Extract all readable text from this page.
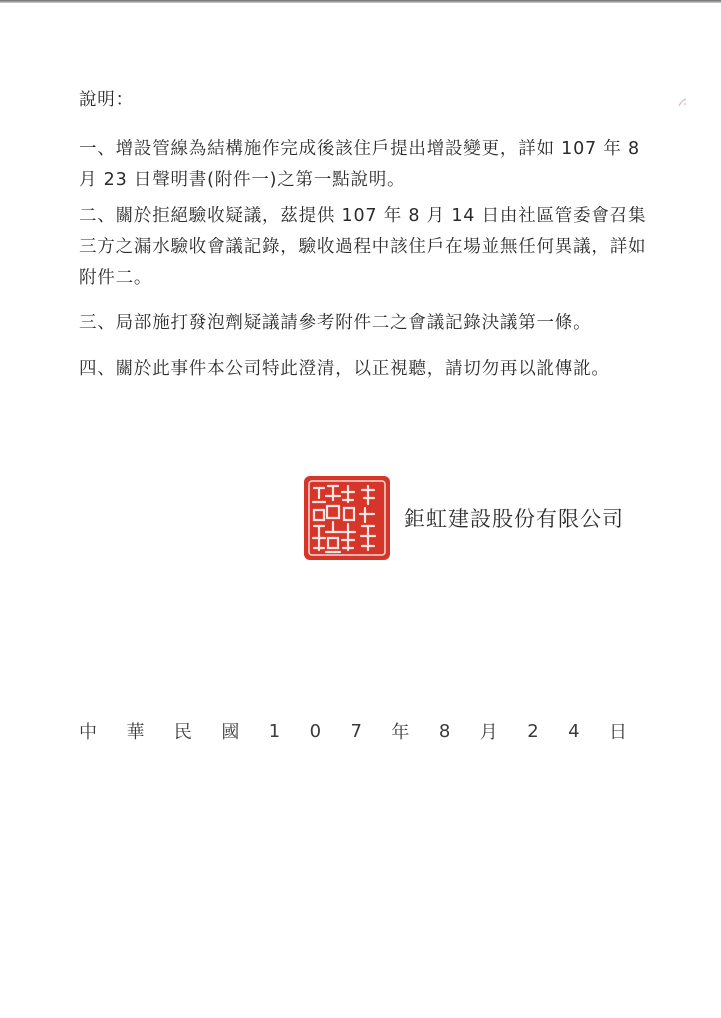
說明：

一、增設管線為結構施作完成後該住戶提出增設變更，詳如 107 年 8 月 23 日聲明書(附件一)之第一點說明。

二、關於拒絕驗收疑議，茲提供 107 年 8 月 14 日由社區管委會召集三方之漏水驗收會議記錄，驗收過程中該住戶在場並無任何異議，詳如附件二。

三、局部施打發泡劑疑議請參考附件二之會議記錄決議第一條。

四、關於此事件本公司特此澄清，以正視聽，請切勿再以訛傳訛。

鉅虹建設股份有限公司
中 華 民 國 1 0 7 年 8 月 2 4 日
